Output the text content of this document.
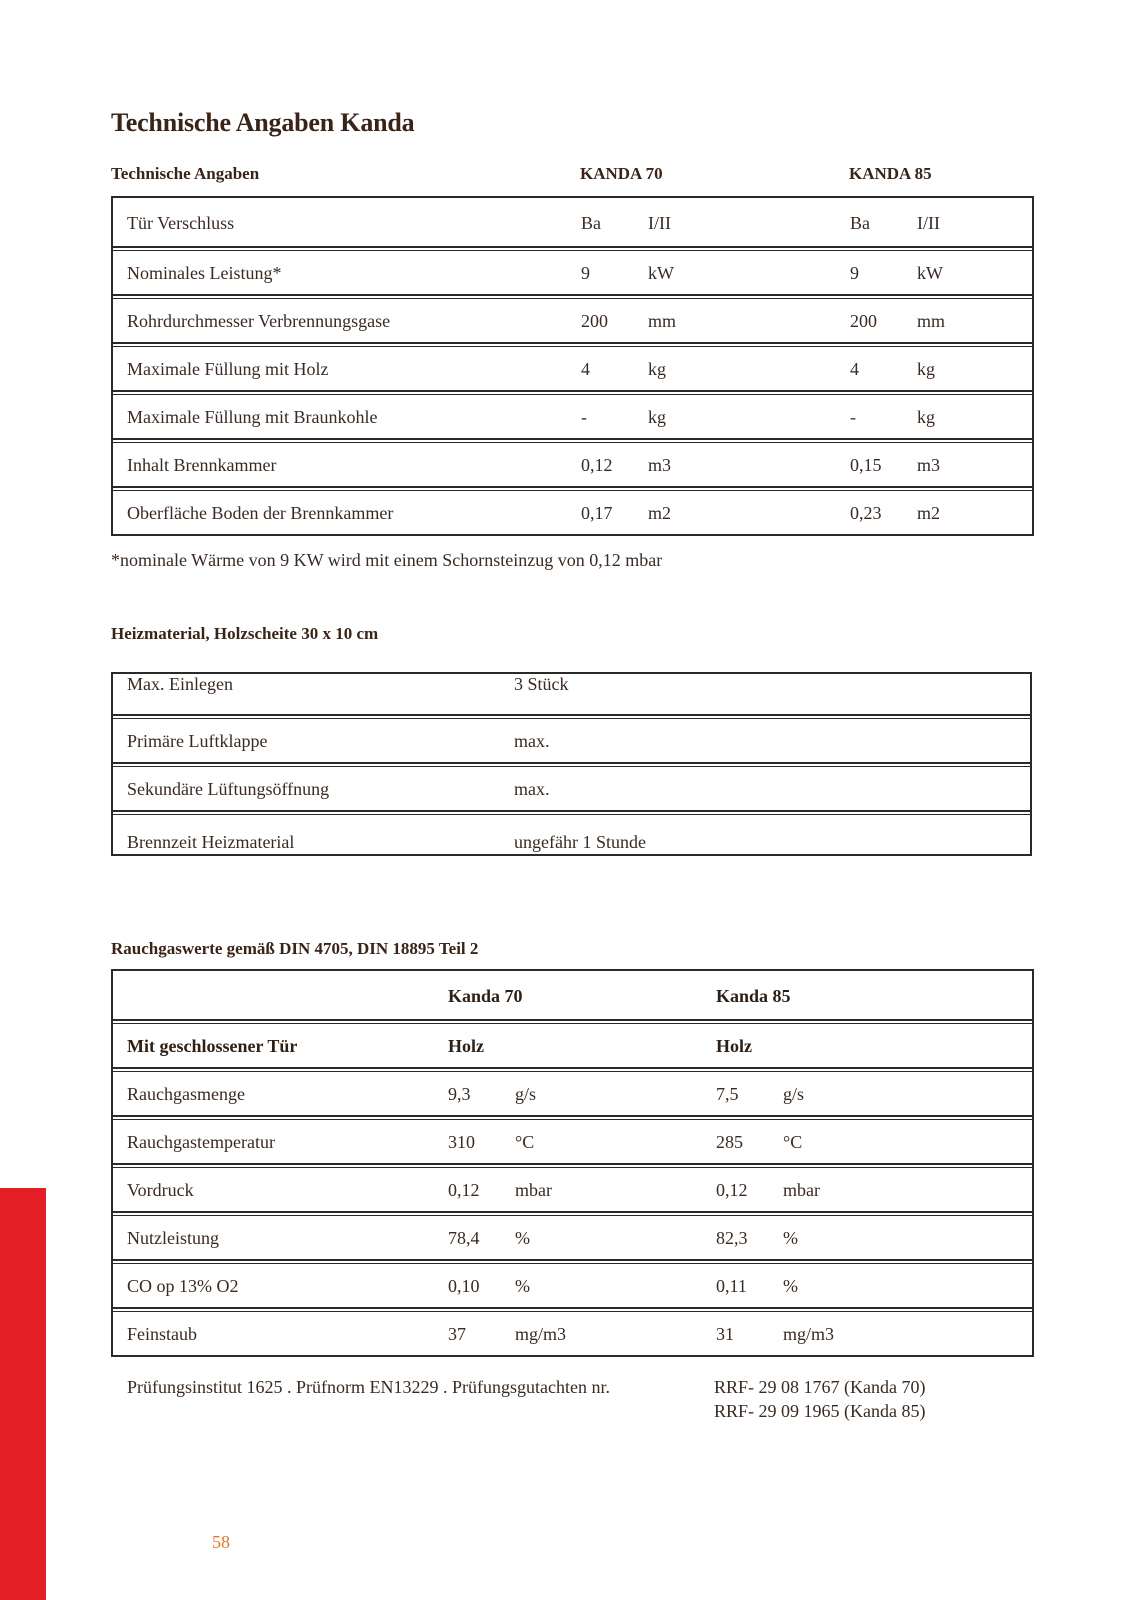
Technische Angaben Kanda
Technische Angaben	KANDA 70	KANDA 85
Tür Verschluss	Ba	I/II	Ba	I/II
Nominales Leistung*	9	kW	9	kW
Rohrdurchmesser Verbrennungsgase	200 mm	200 mm
Maximale Füllung mit Holz	4	kg	4	kg
Maximale Füllung mit Braunkohle	-	kg	-	kg
Inhalt Brennkammer	0,12 m3	0,15 m3
Oberfläche Boden der Brennkammer	0,17 m2	0,23 m2
*nominale Wärme von 9 KW wird mit einem Schornsteinzug von 0,12 mbar
Heizmaterial, Holzscheite 30 x 10 cm
Max. Einlegen	3 Stück
Primäre Luftklappe	max.
Sekundäre Lüftungsöffnung	max.
Brennzeit Heizmaterial	ungefähr 1 Stunde
Rauchgaswerte gemäß DIN 4705, DIN 18895 Teil 2
Kanda 70	Kanda 85
Mit geschlossener Tür	Holz	Holz
Rauchgasmenge	9,3 g/s	7,5 g/s
Rauchgastemperatur	310 °C	285 °C
Vordruck	0,12 mbar	0,12 mbar
Nutzleistung	78,4 %	82,3 %
CO op 13% O2	0,10 %	0,11 %
Feinstaub	37	mg/m3	31	mg/m3
Prüfungsinstitut 1625 . Prüfnorm EN13229 . Prüfungsgutachten nr.	RRF- 29 08 1767 (Kanda 70)
RRF- 29 09 1965 (Kanda 85)
58
